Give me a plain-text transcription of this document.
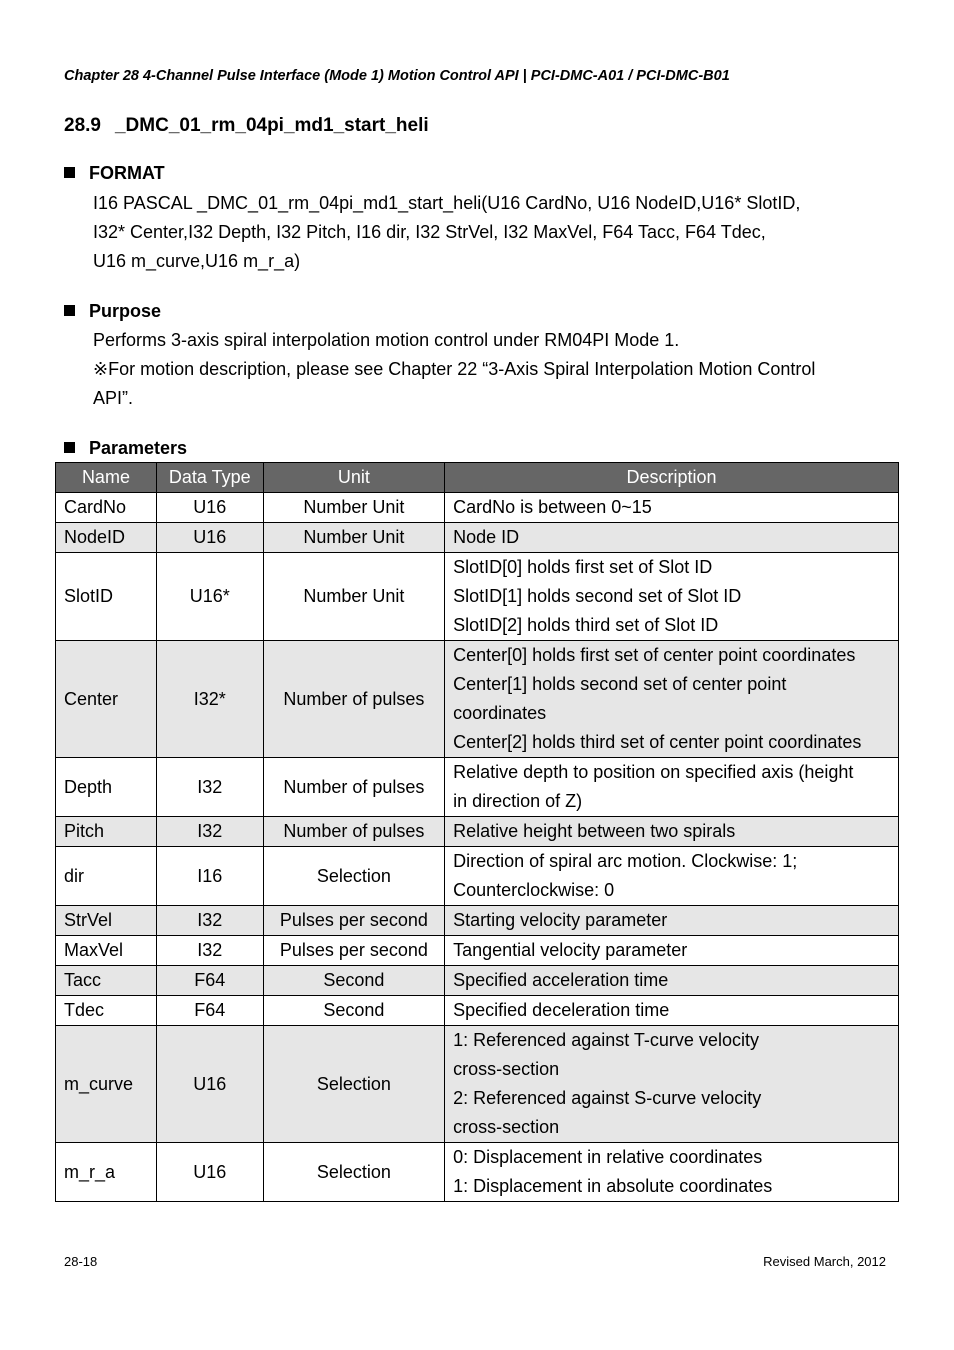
Chapter 28 4-Channel Pulse Interface (Mode 1) Motion Control API | PCI-DMC-A01 / PCI-DMC-B01
28.9 _DMC_01_rm_04pi_md1_start_heli
FORMAT
I16 PASCAL _DMC_01_rm_04pi_md1_start_heli(U16 CardNo, U16 NodeID,U16* SlotID,
I32* Center,I32 Depth, I32 Pitch, I16 dir, I32 StrVel, I32 MaxVel, F64 Tacc, F64 Tdec,
U16 m_curve,U16 m_r_a)
Purpose
Performs 3-axis spiral interpolation motion control under RM04PI Mode 1.
※For motion description, please see Chapter 22 “3-Axis Spiral Interpolation Motion Control
API”.
Parameters
Name	Data Type	Unit	Description
CardNo	U16	Number Unit	CardNo is between 0~15

NodeID	U16	Number Unit	Node ID

SlotID	U16*	Number Unit	SlotID[0] holds first set of Slot ID
SlotID[1] holds second set of Slot ID
SlotID[2] holds third set of Slot ID

Center	I32*	Number of pulses	Center[0] holds first set of center point coordinates
Center[1] holds second set of center point
coordinates
Center[2] holds third set of center point coordinates

Depth	I32	Number of pulses	Relative depth to position on specified axis (height
in direction of Z)

Pitch	I32	Number of pulses	Relative height between two spirals

dir	I16	Selection	Direction of spiral arc motion. Clockwise: 1;
Counterclockwise: 0

StrVel	I32	Pulses per second	Starting velocity parameter

MaxVel	I32	Pulses per second	Tangential velocity parameter

Tacc	F64	Second	Specified acceleration time

Tdec	F64	Second	Specified deceleration time

m_curve	U16	Selection	1: Referenced against T-curve velocity
cross-section
2: Referenced against S-curve velocity
cross-section

m_r_a	U16	Selection	0: Displacement in relative coordinates
1: Displacement in absolute coordinates
28-18	Revised March, 2012
